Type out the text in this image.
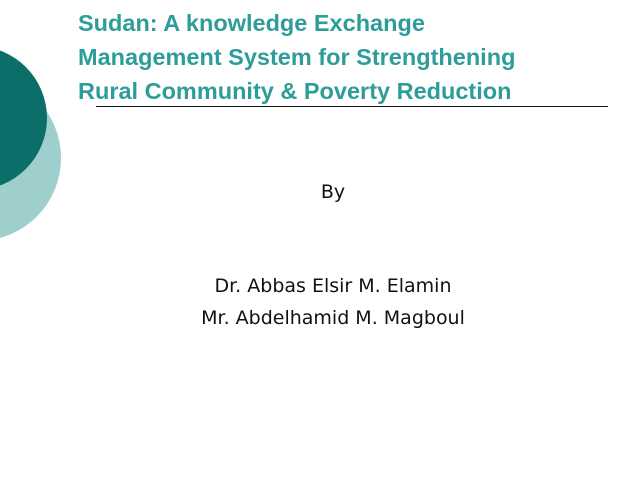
Sudan: A knowledge Exchange
Management System for Strengthening
Rural Community & Poverty Reduction
By
Dr. Abbas Elsir M. Elamin
Mr. Abdelhamid M. Magboul
